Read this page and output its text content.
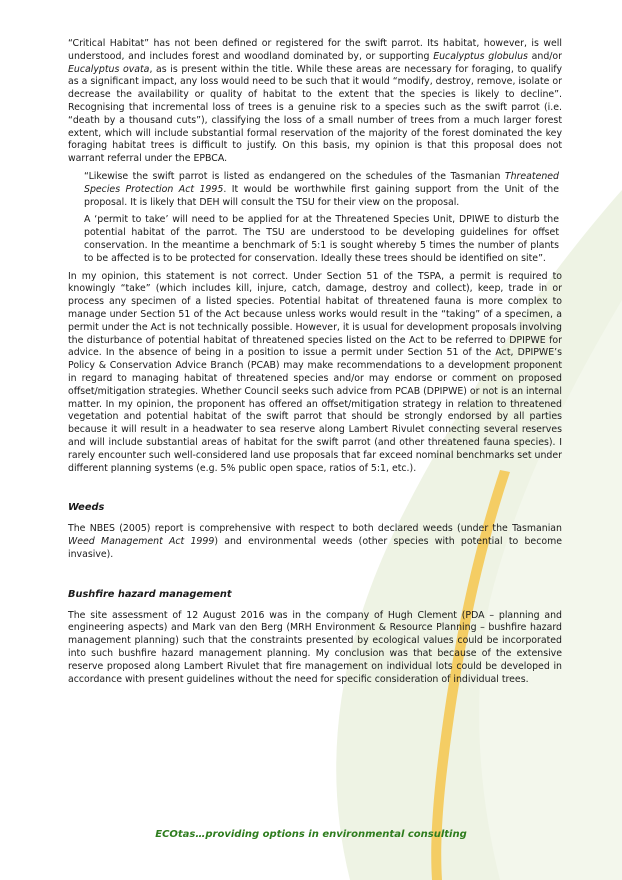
“Critical Habitat” has not been defined or registered for the swift parrot. Its habitat, however, is well understood, and includes forest and woodland dominated by, or supporting Eucalyptus globulus and/or Eucalyptus ovata, as is present within the title. While these areas are necessary for foraging, to qualify as a significant impact, any loss would need to be such that it would “modify, destroy, remove, isolate or decrease the availability or quality of habitat to the extent that the species is likely to decline”. Recognising that incremental loss of trees is a genuine risk to a species such as the swift parrot (i.e. “death by a thousand cuts”), classifying the loss of a small number of trees from a much larger forest extent, which will include substantial formal reservation of the majority of the forest dominated the key foraging habitat trees is difficult to justify. On this basis, my opinion is that this proposal does not warrant referral under the EPBCA.

“Likewise the swift parrot is listed as endangered on the schedules of the Tasmanian Threatened Species Protection Act 1995. It would be worthwhile first gaining support from the Unit of the proposal. It is likely that DEH will consult the TSU for their view on the proposal.

A ‘permit to take’ will need to be applied for at the Threatened Species Unit, DPIWE to disturb the potential habitat of the parrot. The TSU are understood to be developing guidelines for offset conservation. In the meantime a benchmark of 5:1 is sought whereby 5 times the number of plants to be affected is to be protected for conservation. Ideally these trees should be identified on site”.

In my opinion, this statement is not correct. Under Section 51 of the TSPA, a permit is required to knowingly “take” (which includes kill, injure, catch, damage, destroy and collect), keep, trade in or process any specimen of a listed species. Potential habitat of threatened fauna is more complex to manage under Section 51 of the Act because unless works would result in the “taking” of a specimen, a permit under the Act is not technically possible. However, it is usual for development proposals involving the disturbance of potential habitat of threatened species listed on the Act to be referred to DPIPWE for advice. In the absence of being in a position to issue a permit under Section 51 of the Act, DPIPWE’s Policy & Conservation Advice Branch (PCAB) may make recommendations to a development proponent in regard to managing habitat of threatened species and/or may endorse or comment on proposed offset/mitigation strategies. Whether Council seeks such advice from PCAB (DPIPWE) or not is an internal matter. In my opinion, the proponent has offered an offset/mitigation strategy in relation to threatened vegetation and potential habitat of the swift parrot that should be strongly endorsed by all parties because it will result in a headwater to sea reserve along Lambert Rivulet connecting several reserves and will include substantial areas of habitat for the swift parrot (and other threatened fauna species). I rarely encounter such well-considered land use proposals that far exceed nominal benchmarks set under different planning systems (e.g. 5% public open space, ratios of 5:1, etc.).

Weeds

The NBES (2005) report is comprehensive with respect to both declared weeds (under the Tasmanian Weed Management Act 1999) and environmental weeds (other species with potential to become invasive).

Bushfire hazard management

The site assessment of 12 August 2016 was in the company of Hugh Clement (PDA – planning and engineering aspects) and Mark van den Berg (MRH Environment & Resource Planning – bushfire hazard management planning) such that the constraints presented by ecological values could be incorporated into such bushfire hazard management planning. My conclusion was that because of the extensive reserve proposed along Lambert Rivulet that fire management on individual lots could be developed in accordance with present guidelines without the need for specific consideration of individual trees.

ECOtas…providing options in environmental consulting
